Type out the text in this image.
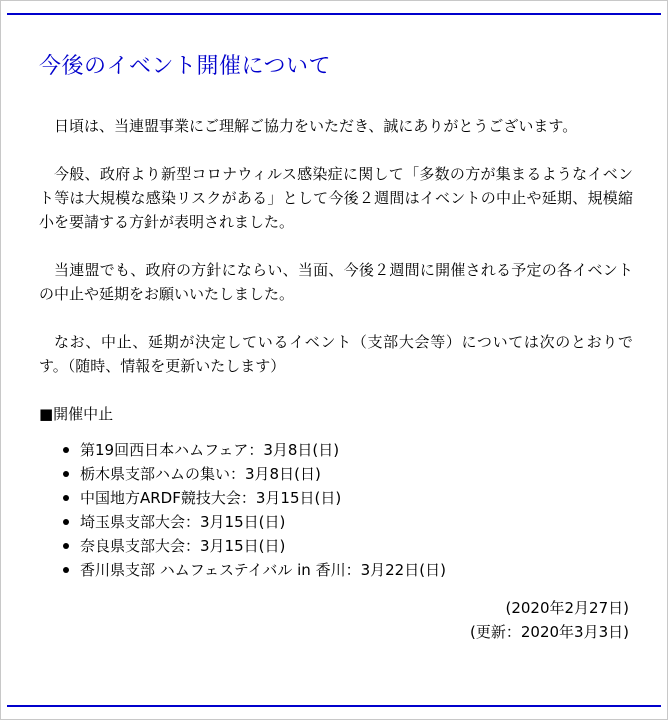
今後のイベント開催について

日頃は、当連盟事業にご理解ご協力をいただき、誠にありがとうございます。

今般、政府より新型コロナウィルス感染症に関して「多数の方が集まるようなイベント等は大規模な感染リスクがある」として今後２週間はイベントの中止や延期、規模縮小を要請する方針が表明されました。

当連盟でも、政府の方針にならい、当面、今後２週間に開催される予定の各イベントの中止や延期をお願いいたしました。

なお、中止、延期が決定しているイベント（支部大会等）については次のとおりです。（随時、情報を更新いたします）

■開催中止
第19回西日本ハムフェア：3月8日(日)
栃木県支部ハムの集い：3月8日(日)
中国地方ARDF競技大会：3月15日(日)
埼玉県支部大会：3月15日(日)
奈良県支部大会：3月15日(日)
香川県支部 ハムフェステイバル in 香川：3月22日(日)
(2020年2月27日)
(更新：2020年3月3日)
